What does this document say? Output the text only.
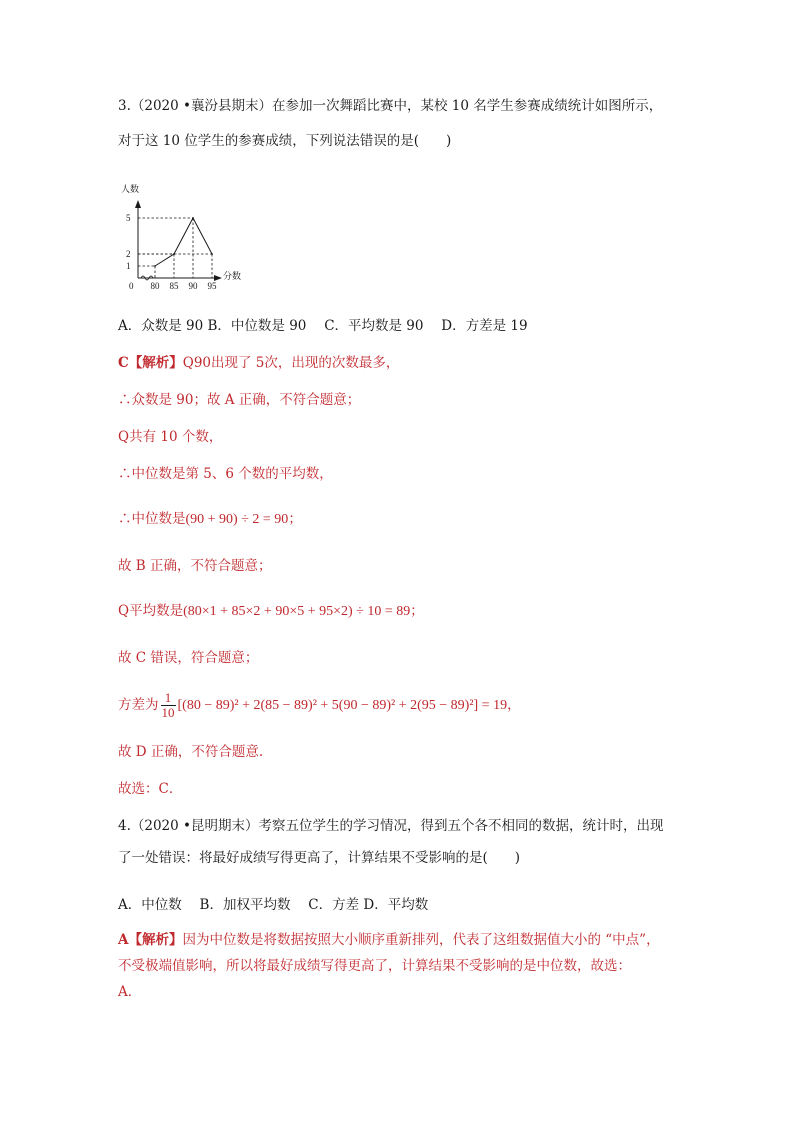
3.（2020 •襄汾县期末）在参加一次舞蹈比赛中，某校 10 名学生参赛成绩统计如图所示，
对于这 10 位学生的参赛成绩，下列说法错误的是(　　)
人数
分数
0
1
2
5
80 85 90 95
A．众数是 90 B．中位数是 90　 C．平均数是 90　 D．方差是 19
C【解析】Q90出现了 5次，出现的次数最多，
∴众数是 90；故 A 正确，不符合题意；
Q共有 10 个数，
∴中位数是第 5、6 个数的平均数，
∴中位数是(90 + 90) ÷ 2 = 90；
故 B 正确，不符合题意；
Q平均数是(80×1 + 85×2 + 90×5 + 95×2) ÷ 10 = 89；
故 C 错误，符合题意；
方差为 $\frac{1}{10} [(80 - 89)^2 + 2(85 - 89)^2 + 5(90 - 89)^2 + 2(95 - 89)^2] = 19$，
故 D 正确，不符合题意.
故选：C．
4.（2020 •昆明期末）考察五位学生的学习情况，得到五个各不相同的数据，统计时，出现
了一处错误：将最好成绩写得更高了，计算结果不受影响的是(　　)
A．中位数　 B．加权平均数　 C．方差 D．平均数
A【解析】因为中位数是将数据按照大小顺序重新排列，代表了这组数据值大小的 “中点”，
不受极端值影响，所以将最好成绩写得更高了，计算结果不受影响的是中位数，故选：
A．
